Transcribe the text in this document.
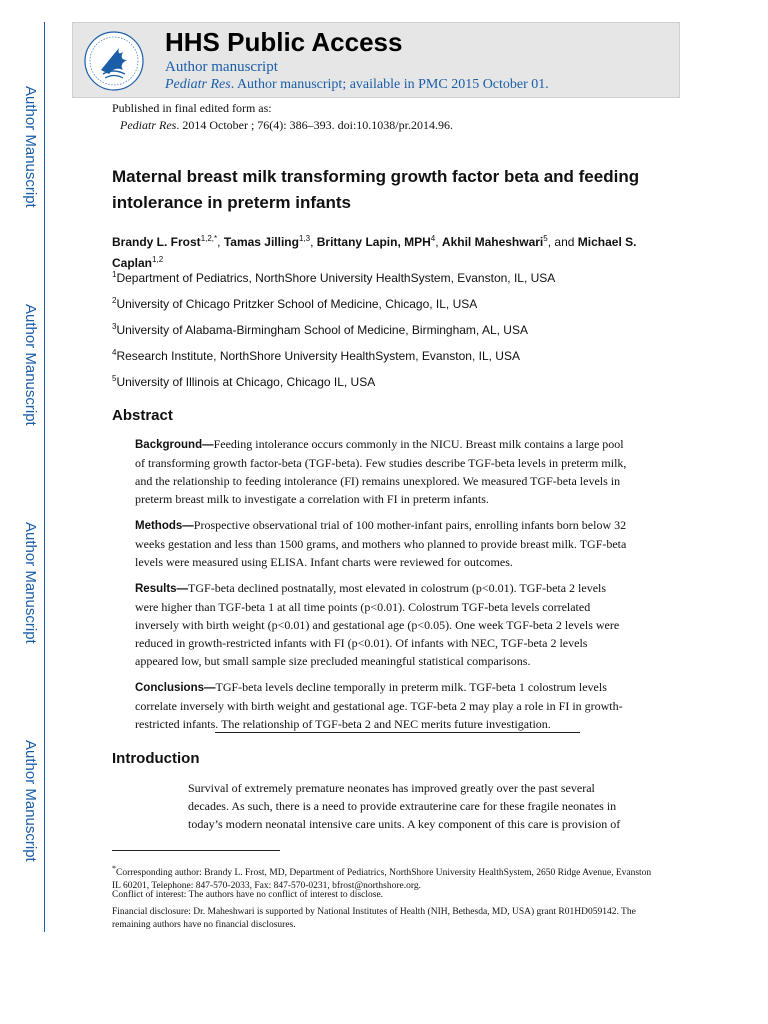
Author Manuscript
Author Manuscript
Author Manuscript
Author Manuscript
HHS Public Access
Author manuscript
Pediatr Res. Author manuscript; available in PMC 2015 October 01.
Published in final edited form as:
Pediatr Res. 2014 October ; 76(4): 386–393. doi:10.1038/pr.2014.96.
Maternal breast milk transforming growth factor beta and feeding intolerance in preterm infants
Brandy L. Frost$^{1,2,*}$, Tamas Jilling$^{1,3}$, Brittany Lapin, MPH$^4$, Akhil Maheshwari$^5$, and Michael S. Caplan$^{1,2}$
$^1$Department of Pediatrics, NorthShore University HealthSystem, Evanston, IL, USA
$^2$University of Chicago Pritzker School of Medicine, Chicago, IL, USA
$^3$University of Alabama-Birmingham School of Medicine, Birmingham, AL, USA
$^4$Research Institute, NorthShore University HealthSystem, Evanston, IL, USA
$^5$University of Illinois at Chicago, Chicago IL, USA
Abstract
Background—Feeding intolerance occurs commonly in the NICU. Breast milk contains a large pool of transforming growth factor-beta (TGF-beta). Few studies describe TGF-beta levels in preterm milk, and the relationship to feeding intolerance (FI) remains unexplored. We measured TGF-beta levels in preterm breast milk to investigate a correlation with FI in preterm infants.
Methods—Prospective observational trial of 100 mother-infant pairs, enrolling infants born below 32 weeks gestation and less than 1500 grams, and mothers who planned to provide breast milk. TGF-beta levels were measured using ELISA. Infant charts were reviewed for outcomes.
Results—TGF-beta declined postnatally, most elevated in colostrum (p<0.01). TGF-beta 2 levels were higher than TGF-beta 1 at all time points (p<0.01). Colostrum TGF-beta levels correlated inversely with birth weight (p<0.01) and gestational age (p<0.05). One week TGF-beta 2 levels were reduced in growth-restricted infants with FI (p<0.01). Of infants with NEC, TGF-beta 2 levels appeared low, but small sample size precluded meaningful statistical comparisons.
Conclusions—TGF-beta levels decline temporally in preterm milk. TGF-beta 1 colostrum levels correlate inversely with birth weight and gestational age. TGF-beta 2 may play a role in FI in growth-restricted infants. The relationship of TGF-beta 2 and NEC merits future investigation.
Introduction
Survival of extremely premature neonates has improved greatly over the past several decades. As such, there is a need to provide extrauterine care for these fragile neonates in today’s modern neonatal intensive care units. A key component of this care is provision of
*Corresponding author: Brandy L. Frost, MD, Department of Pediatrics, NorthShore University HealthSystem, 2650 Ridge Avenue, Evanston IL 60201, Telephone: 847-570-2033, Fax: 847-570-0231, bfrost@northshore.org.
Conflict of interest: The authors have no conflict of interest to disclose.
Financial disclosure: Dr. Maheshwari is supported by National Institutes of Health (NIH, Bethesda, MD, USA) grant R01HD059142. The remaining authors have no financial disclosures.
